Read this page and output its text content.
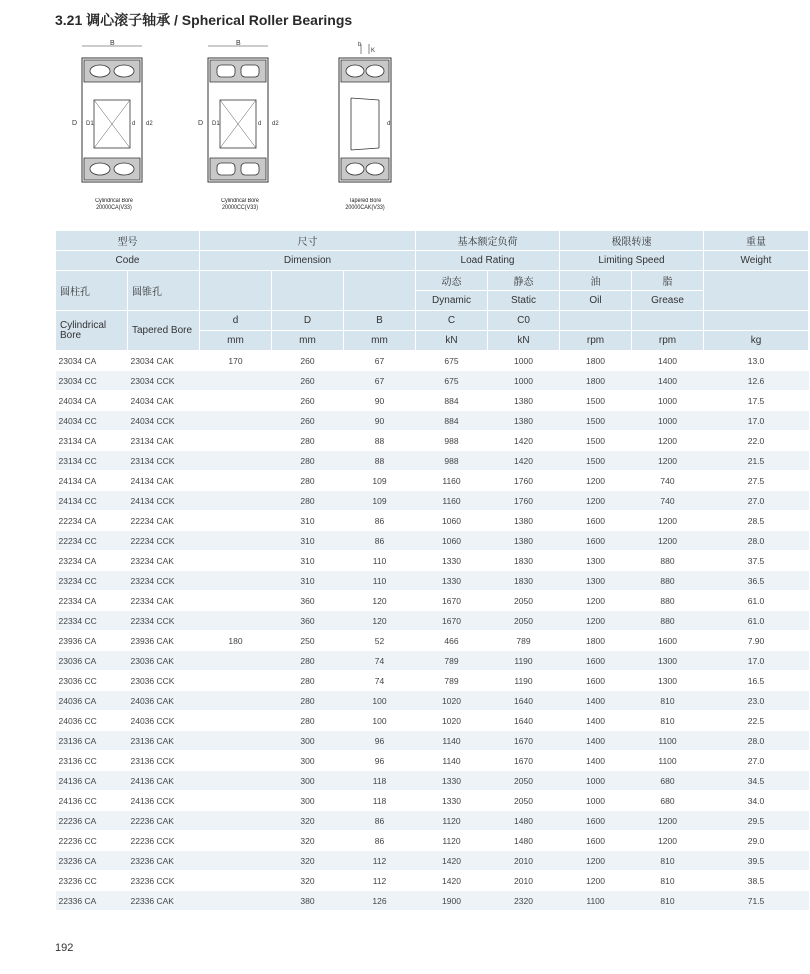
3.21 调心滚子轴承 / Spherical Roller Bearings
B
D D1	d d2
Cylindrical Bore
20000CA(V33)
B
D D1	d d2
Cylindrical Bore
20000CC(V33)
b
K
d
Tapered Bore
20000CAK(V33)
型号		尺寸			基本额定负荷		极限转速		重量
Code		Dimension			Load Rating		Limiting Speed		Weight
圆柱孔	圆锥孔				动态	静态	油	脂	
					Dynamic	Static	Oil	Grease	
Cylindrical Bore	Tapered Bore	d	D	B	C	C0			
		mm	mm	mm	kN	kN	rpm	rpm	kg
23034 CA	23034 CAK	170	260	67	675	1000	1800	1400	13.0
23034 CC	23034 CCK		260	67	675	1000	1800	1400	12.6
24034 CA	24034 CAK		260	90	884	1380	1500	1000	17.5
24034 CC	24034 CCK		260	90	884	1380	1500	1000	17.0
23134 CA	23134 CAK		280	88	988	1420	1500	1200	22.0
23134 CC	23134 CCK		280	88	988	1420	1500	1200	21.5
24134 CA	24134 CAK		280	109	1160	1760	1200	740	27.5
24134 CC	24134 CCK		280	109	1160	1760	1200	740	27.0
22234 CA	22234 CAK		310	86	1060	1380	1600	1200	28.5
22234 CC	22234 CCK		310	86	1060	1380	1600	1200	28.0
23234 CA	23234 CAK		310	110	1330	1830	1300	880	37.5
23234 CC	23234 CCK		310	110	1330	1830	1300	880	36.5
22334 CA	22334 CAK		360	120	1670	2050	1200	880	61.0
22334 CC	22334 CCK		360	120	1670	2050	1200	880	61.0
23936 CA	23936 CAK	180	250	52	466	789	1800	1600	7.90
23036 CA	23036 CAK		280	74	789	1190	1600	1300	17.0
23036 CC	23036 CCK		280	74	789	1190	1600	1300	16.5
24036 CA	24036 CAK		280	100	1020	1640	1400	810	23.0
24036 CC	24036 CCK		280	100	1020	1640	1400	810	22.5
23136 CA	23136 CAK		300	96	1140	1670	1400	1100	28.0
23136 CC	23136 CCK		300	96	1140	1670	1400	1100	27.0
24136 CA	24136 CAK		300	118	1330	2050	1000	680	34.5
24136 CC	24136 CCK		300	118	1330	2050	1000	680	34.0
22236 CA	22236 CAK		320	86	1120	1480	1600	1200	29.5
22236 CC	22236 CCK		320	86	1120	1480	1600	1200	29.0
23236 CA	23236 CAK		320	112	1420	2010	1200	810	39.5
23236 CC	23236 CCK		320	112	1420	2010	1200	810	38.5
22336 CA	22336 CAK		380	126	1900	2320	1100	810	71.5
192
